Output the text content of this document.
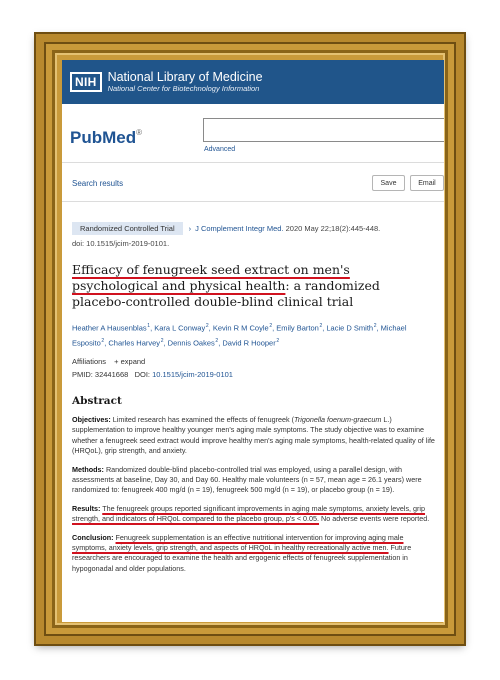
NIH National Library of Medicine
National Center for Biotechnology Information
PubMed®
Advanced
Search results	Save	Email
Randomized Controlled Trial	› J Complement Integr Med. 2020 May 22;18(2):445-448.
doi: 10.1515/jcim-2019-0101.
Efficacy of fenugreek seed extract on men's psychological and physical health: a randomized placebo-controlled double-blind clinical trial
Heather A Hausenblas $^1$, Kara L Conway $^2$, Kevin R M Coyle $^2$, Emily Barton $^2$, Lacie D Smith $^2$, Michael Esposito $^2$, Charles Harvey $^2$, Dennis Oakes $^2$, David R Hooper $^2$
Affiliations + expand
PMID: 32441668 DOI: 10.1515/jcim-2019-0101
Abstract

Objectives: Limited research has examined the effects of fenugreek (Trigonella foenum-graecum L.) supplementation to improve healthy younger men's aging male symptoms. The study objective was to examine whether a fenugreek seed extract would improve healthy men's aging male symptoms, health-related quality of life (HRQoL), grip strength, and anxiety.

Methods: Randomized double-blind placebo-controlled trial was employed, using a parallel design, with assessments at baseline, Day 30, and Day 60. Healthy male volunteers (n = 57, mean age = 26.1 years) were randomized to: fenugreek 400 mg/d (n = 19), fenugreek 500 mg/d (n = 19), or placebo group (n = 19).

Results: The fenugreek groups reported significant improvements in aging male symptoms, anxiety levels, grip strength, and indicators of HRQoL compared to the placebo group, p's < 0.05. No adverse events were reported.

Conclusion: Fenugreek supplementation is an effective nutritional intervention for improving aging male symptoms, anxiety levels, grip strength, and aspects of HRQoL in healthy recreationally active men. Future researchers are encouraged to examine the health and ergogenic effects of fenugreek supplementation in hypogonadal and older populations.
